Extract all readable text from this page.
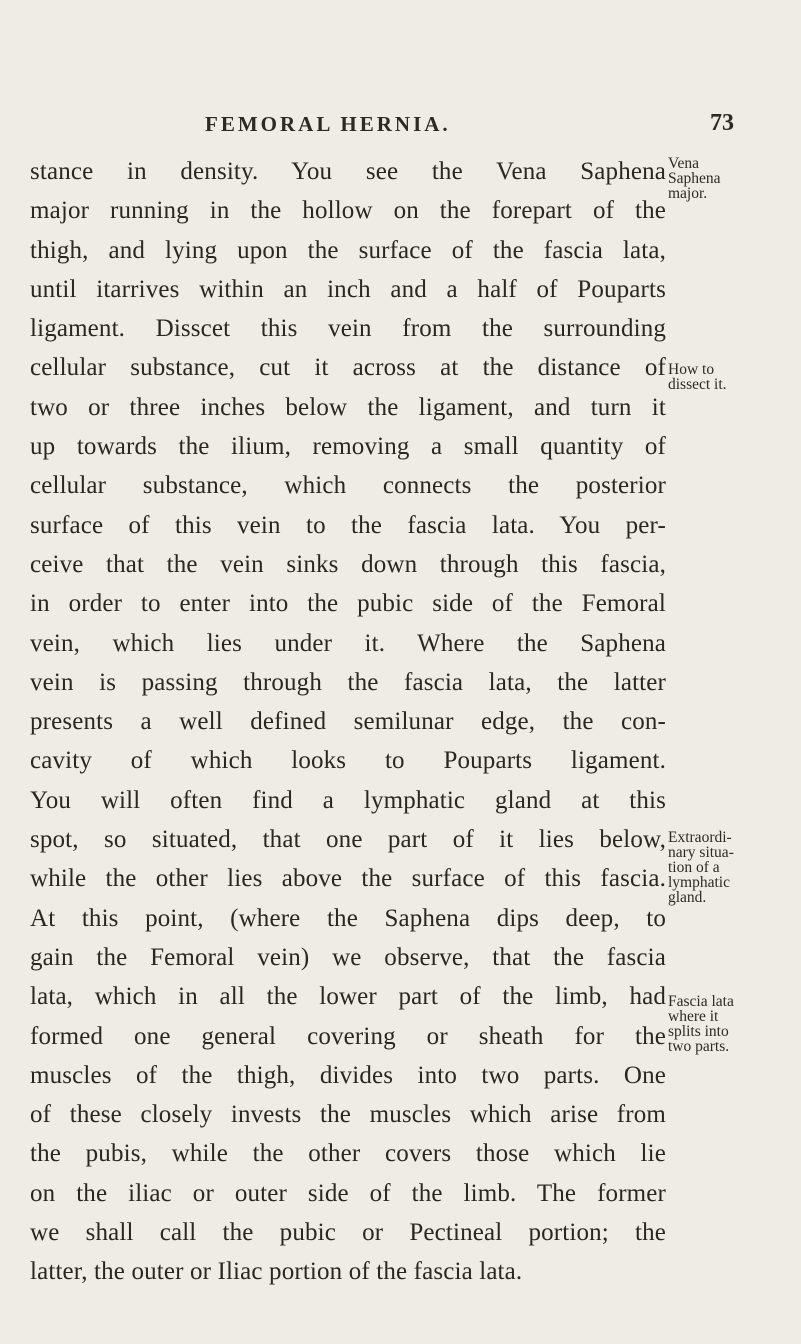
FEMORAL HERNIA.	73
stance in density. You see the Vena Saphena
major running in the hollow on the forepart of the
thigh, and lying upon the surface of the fascia lata,
until itarrives within an inch and a half of Pouparts
ligament. Disscet this vein from the surrounding
cellular substance, cut it across at the distance of
two or three inches below the ligament, and turn it
up towards the ilium, removing a small quantity of
cellular substance, which connects the posterior
surface of this vein to the fascia lata. You per-
ceive that the vein sinks down through this fascia,
in order to enter into the pubic side of the Femoral
vein, which lies under it. Where the Saphena
vein is passing through the fascia lata, the latter
presents a well defined semilunar edge, the con-
cavity of which looks to Pouparts ligament.
You will often find a lymphatic gland at this
spot, so situated, that one part of it lies below,
while the other lies above the surface of this fascia.
At this point, (where the Saphena dips deep, to
gain the Femoral vein) we observe, that the fascia
lata, which in all the lower part of the limb, had
formed one general covering or sheath for the
muscles of the thigh, divides into two parts. One
of these closely invests the muscles which arise from
the pubis, while the other covers those which lie
on the iliac or outer side of the limb. The former
we shall call the pubic or Pectineal portion; the
latter, the outer or Iliac portion of the fascia lata.
Vena
Saphena
major.
How to
dissect it.
Extraordi-
nary situa-
tion of a
lymphatic
gland.
Fascia lata
where it
splits into
two parts.
